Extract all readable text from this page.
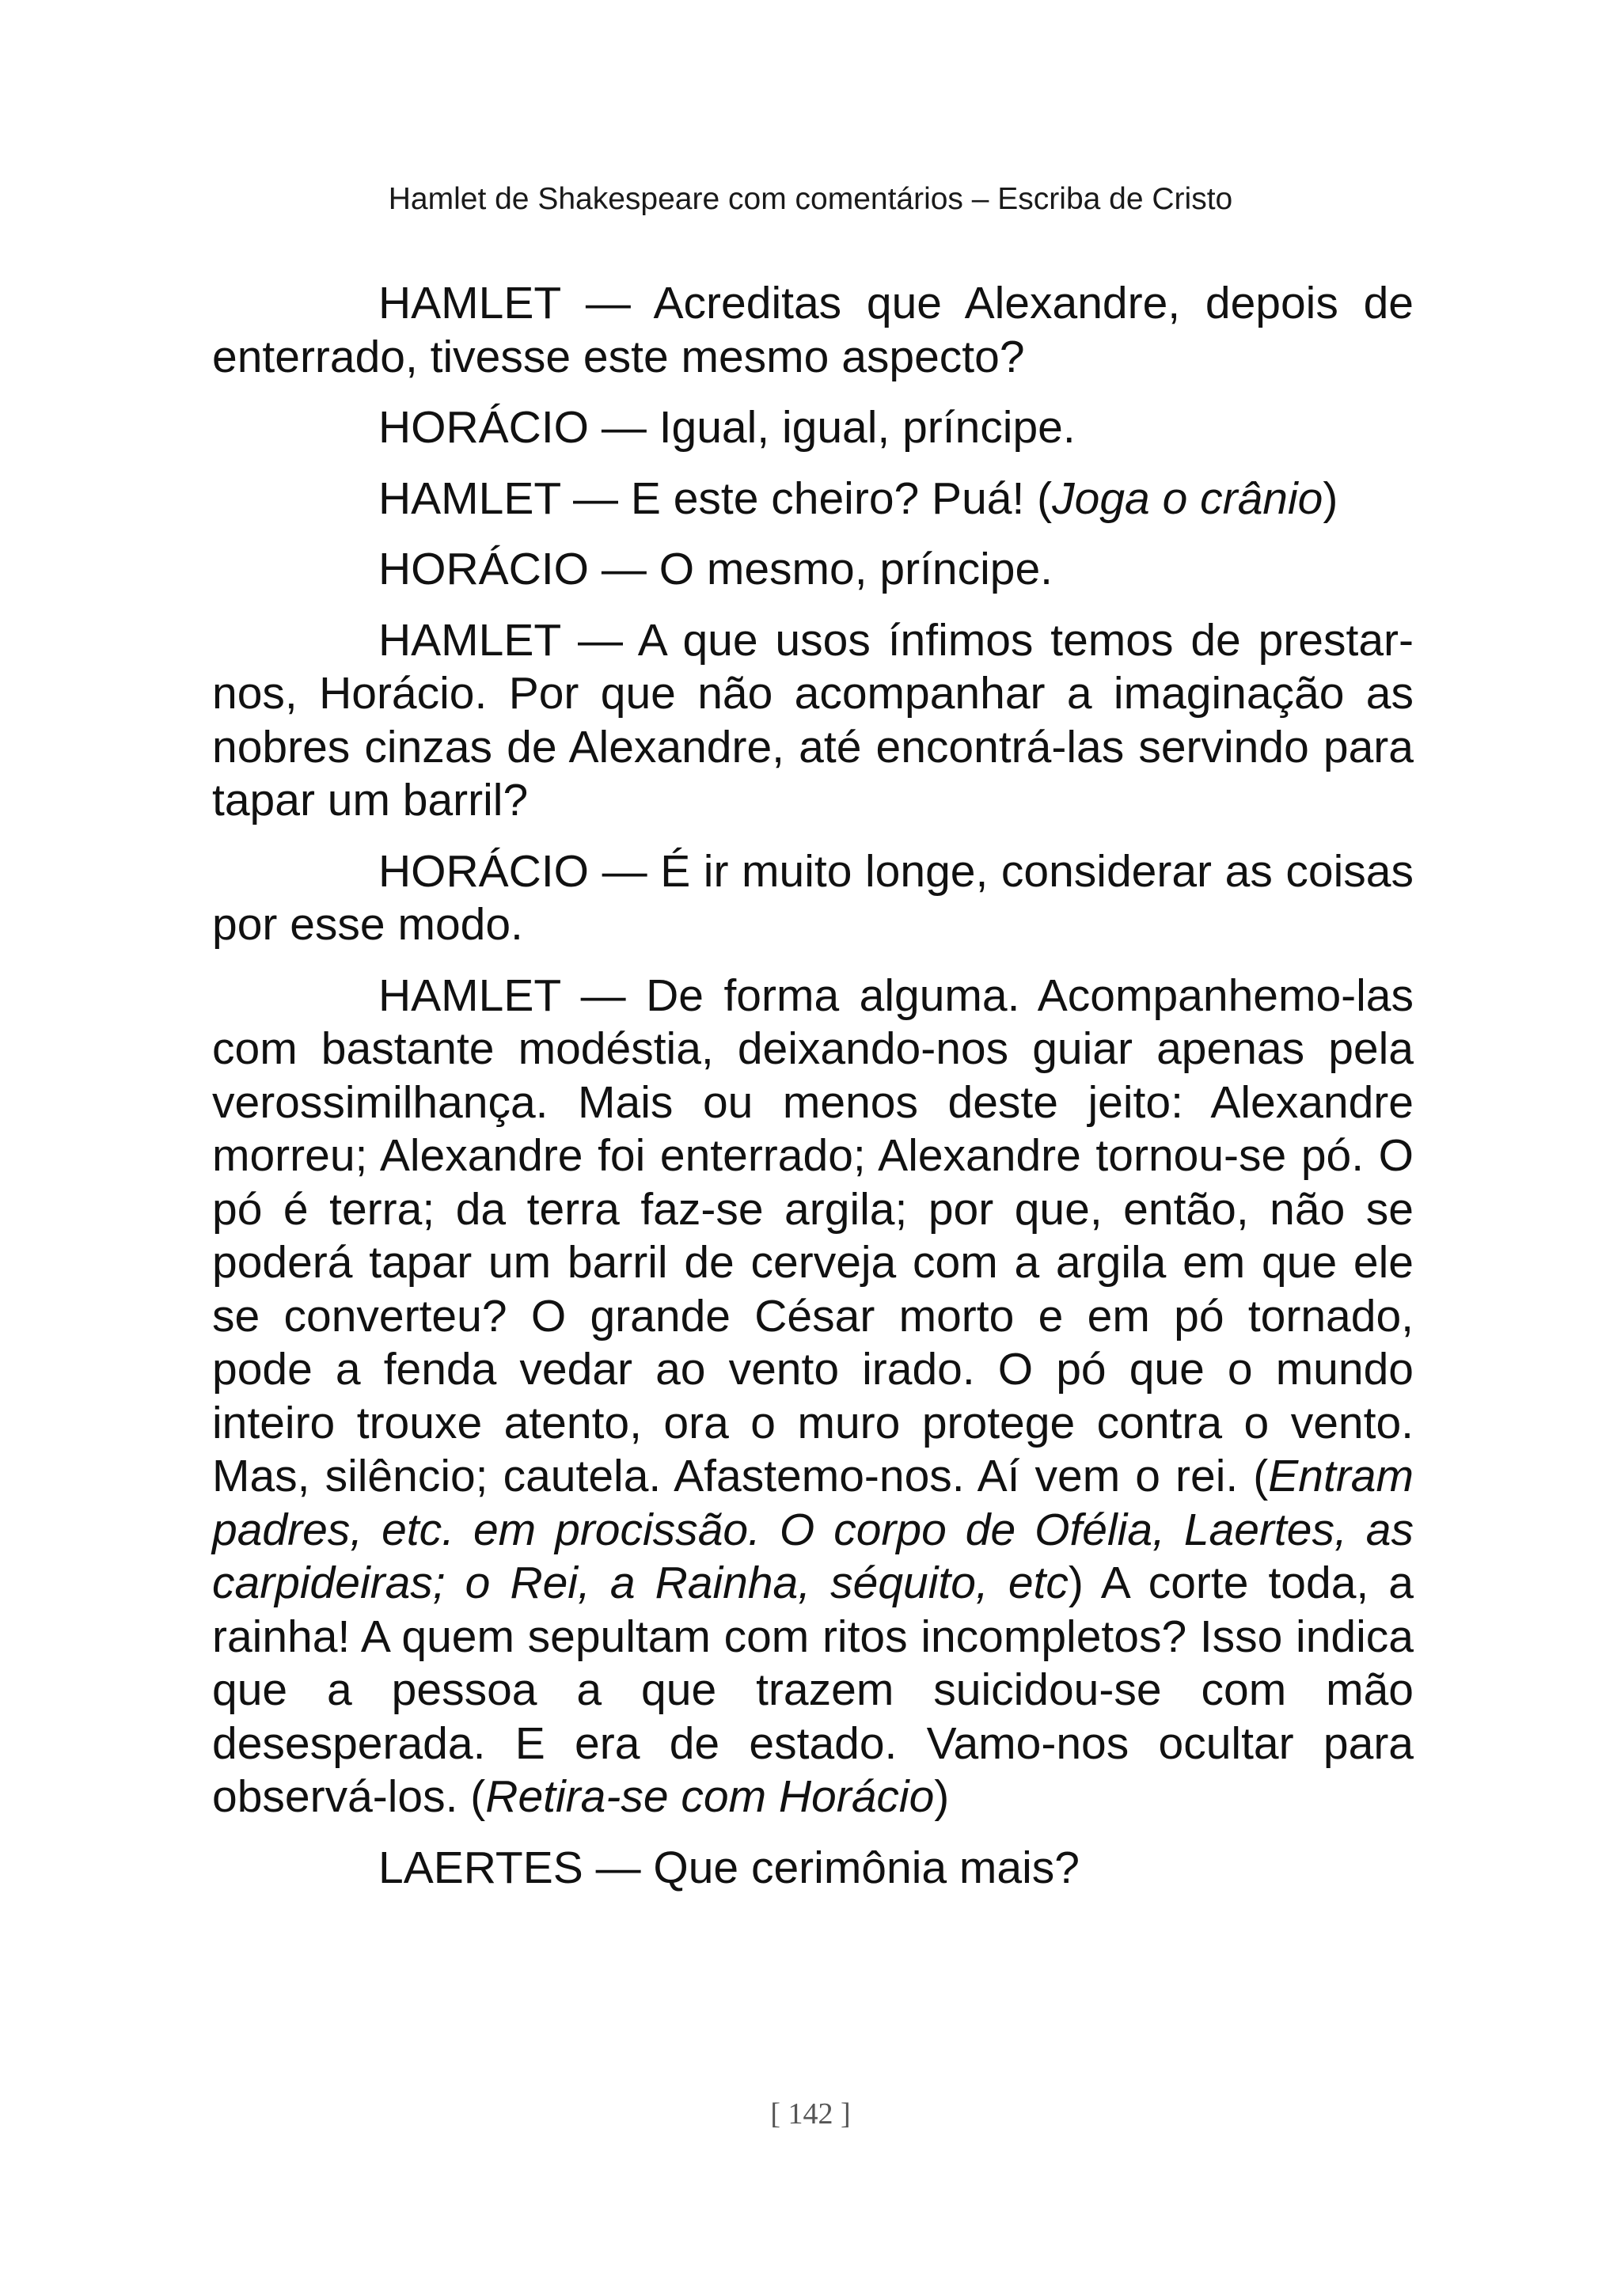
Hamlet de Shakespeare com comentários – Escriba de Cristo

HAMLET — Acreditas que Alexandre, depois de enterrado, tivesse este mesmo aspecto?

HORÁCIO — Igual, igual, príncipe.

HAMLET — E este cheiro? Puá! (Joga o crânio)

HORÁCIO — O mesmo, príncipe.

HAMLET — A que usos ínfimos temos de prestarnos, Horácio. Por que não acompanhar a imaginação as nobres cinzas de Alexandre, até encontrá-las servindo para tapar um barril?

HORÁCIO — É ir muito longe, considerar as coisas por esse modo.

HAMLET — De forma alguma. Acompanhemo-las com bastante modéstia, deixando-nos guiar apenas pela verossimilhança. Mais ou menos deste jeito: Alexandre morreu; Alexandre foi enterrado; Alexandre tornou-se pó. O pó é terra; da terra faz-se argila; por que, então, não se poderá tapar um barril de cerveja com a argila em que ele se converteu? O grande César morto e em pó tornado, pode a fenda vedar ao vento irado. O pó que o mundo inteiro trouxe atento, ora o muro protege contra o vento. Mas, silêncio; cautela. Afastemo-nos. Aí vem o rei. (Entram padres, etc. em procissão. O corpo de Ofélia, Laertes, as carpideiras; o Rei, a Rainha, séquito, etc) A corte toda, a rainha! A quem sepultam com ritos incompletos? Isso indica que a pessoa a que trazem suicidou-se com mão desesperada. E era de estado. Vamo-nos ocultar para observá-los. (Retira-se com Horácio)

LAERTES — Que cerimônia mais?

[ 142 ]
